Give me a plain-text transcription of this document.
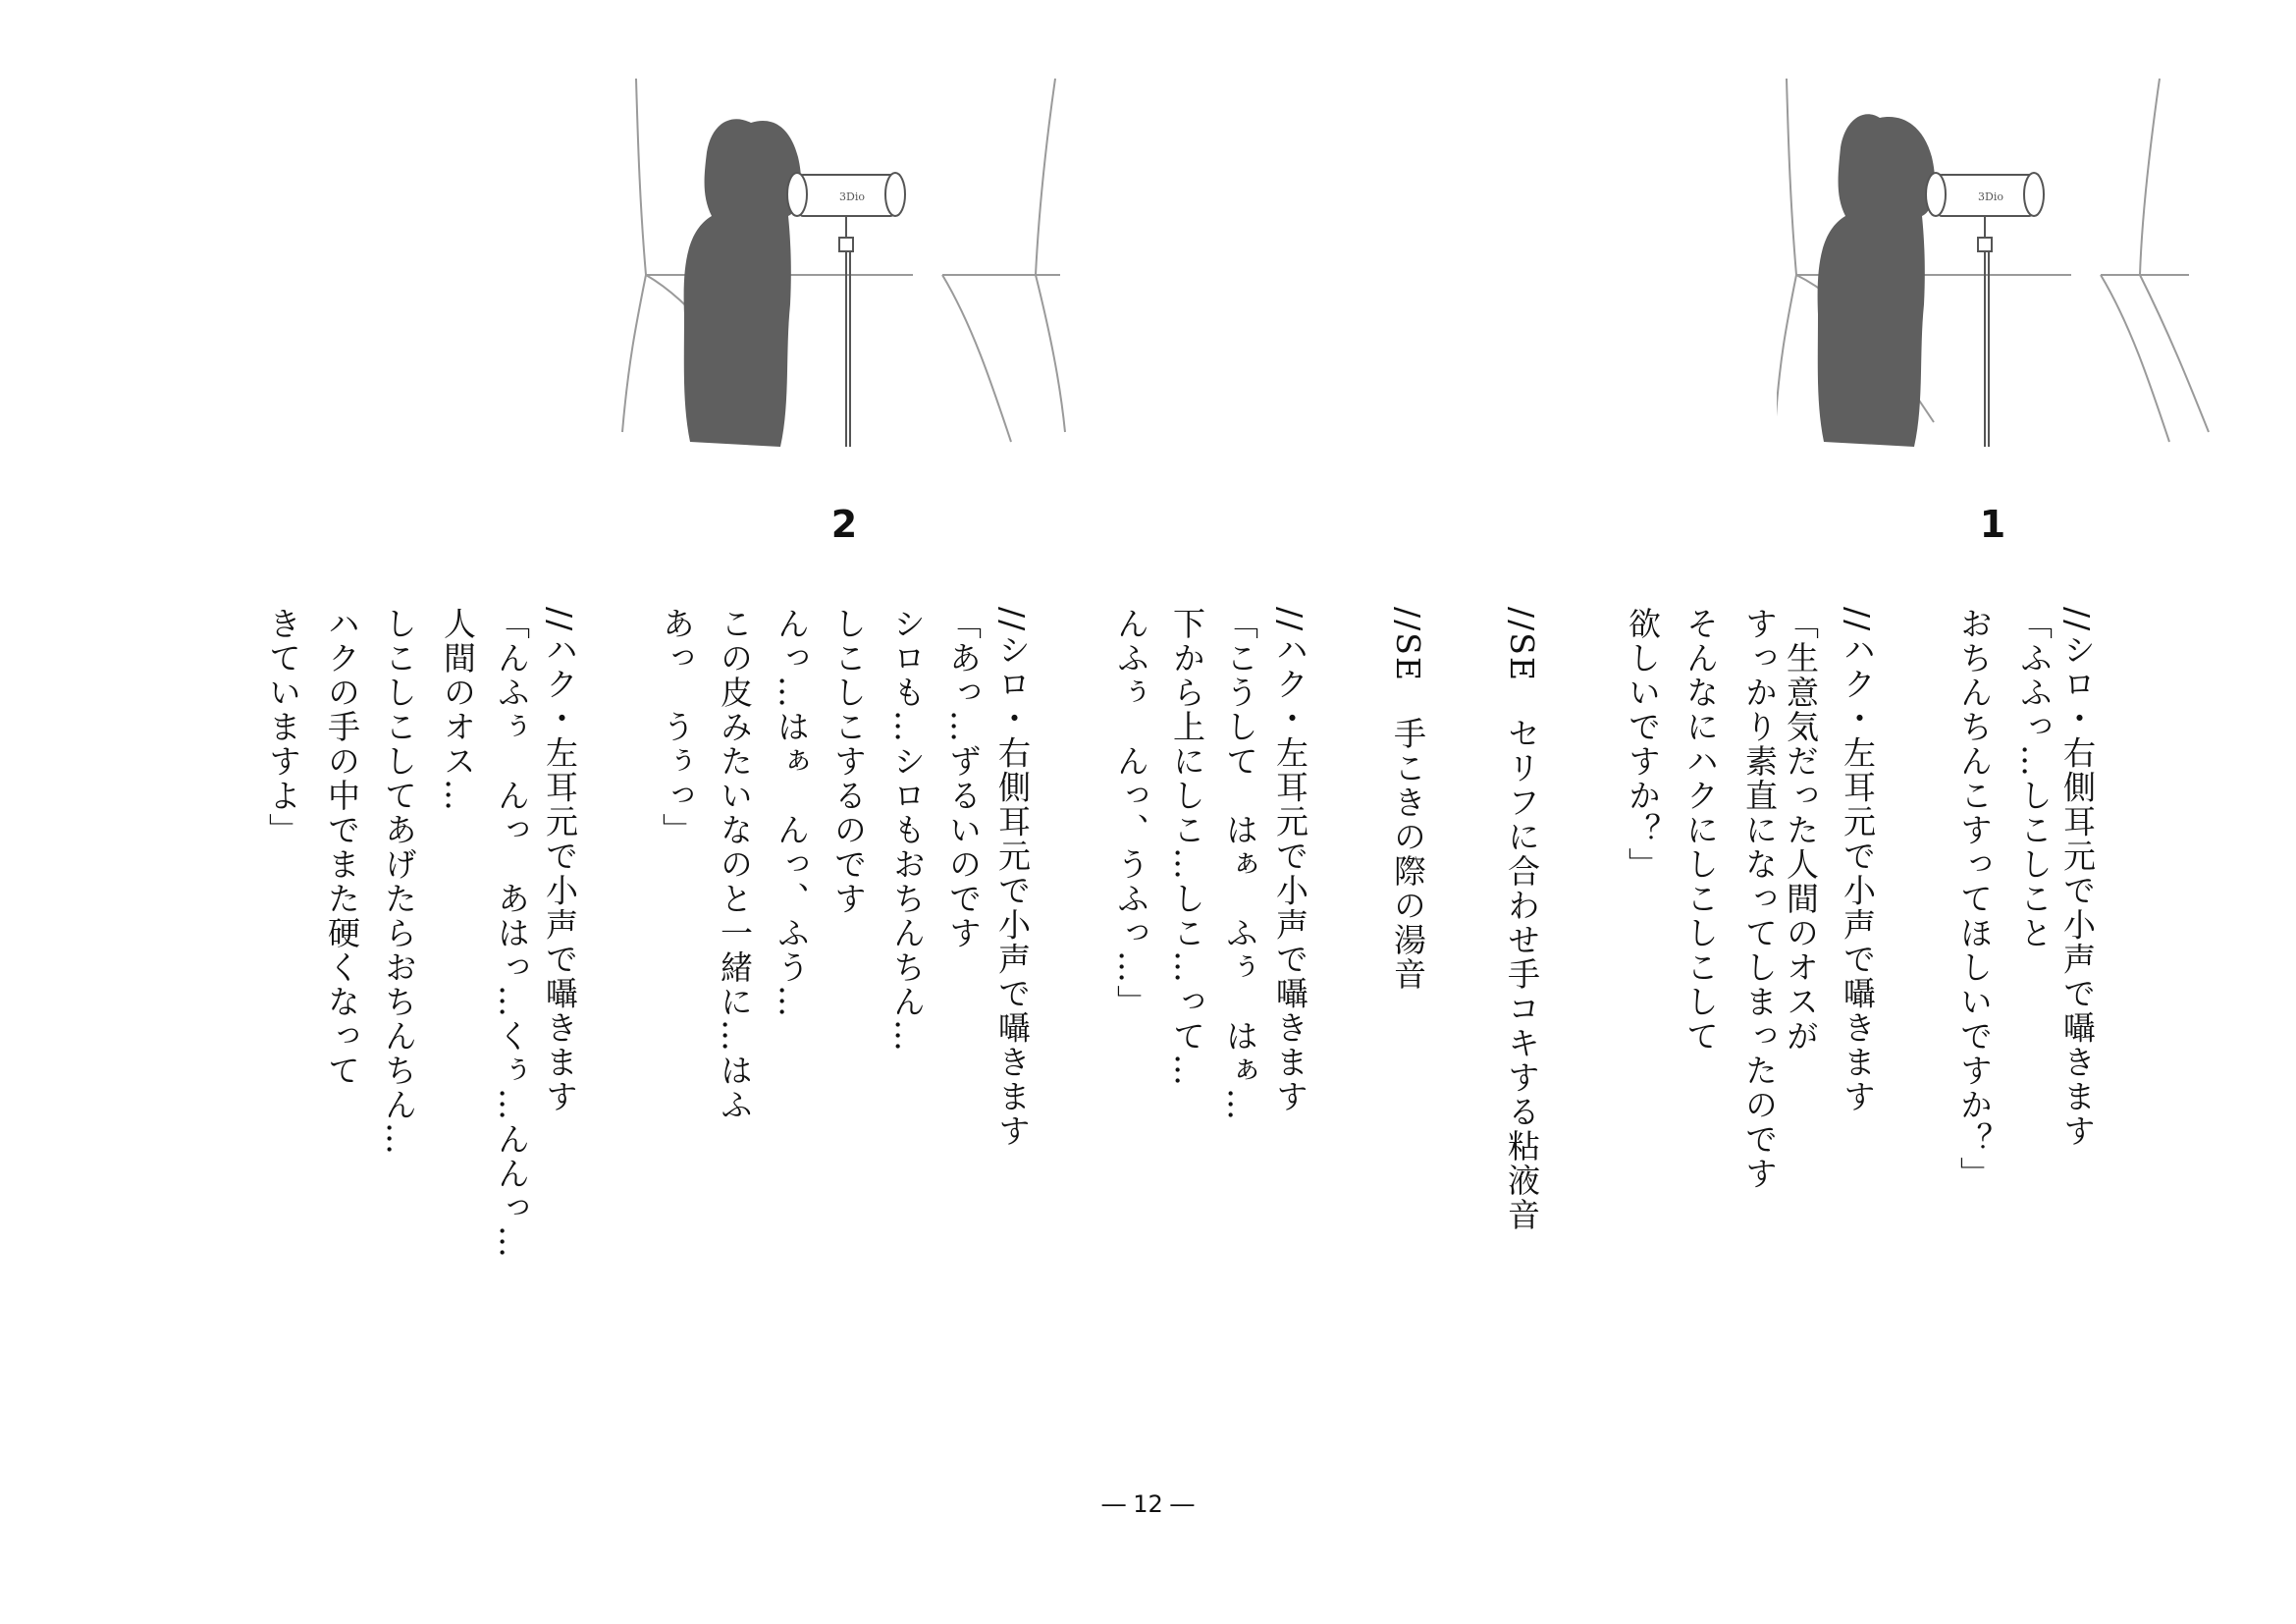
3Dio
1
3Dio
2
//シロ・右側耳元で小声で囁きます
「ふふっ…しこしこと
おちんちんこすってほしいですか？」
//ハク・左耳元で小声で囁きます
「生意気だった人間のオスが
すっかり素直になってしまったのです
そんなにハクにしこしこして
欲しいですか？」
//SE　セリフに合わせ手コキする粘液音
//SE　手こきの際の湯音
//ハク・左耳元で小声で囁きます
「こうして　はぁ　ふぅ　はぁ…
下から上にしこ…しこ…って…
んふぅ　んっ、うふっ…」
//シロ・右側耳元で小声で囁きます
「あっ…ずるいのです
シロも…シロもおちんちん…
しこしこするのです
んっ…はぁ　んっ、ふう…
この皮みたいなのと一緒に…はふ
あっ　うぅっ」
//ハク・左耳元で小声で囁きます
「んふぅ　んっ　あはっ…くぅ…んんっ…
人間のオス…
しこしこしてあげたらおちんちん…
ハクの手の中でまた硬くなって
きていますよ」
― 12 ―
